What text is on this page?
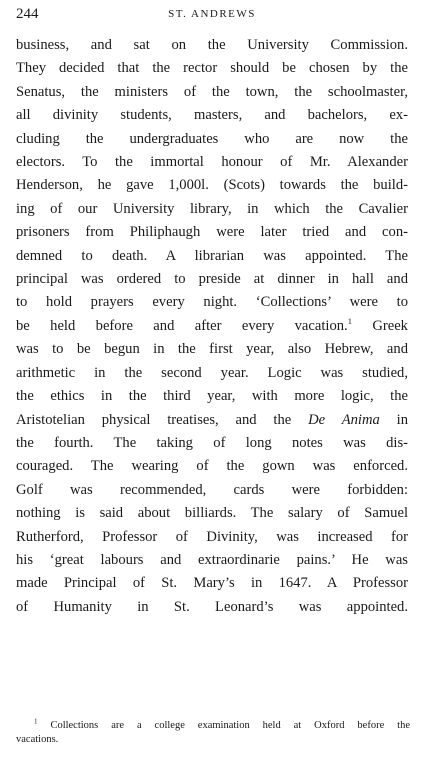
244	ST. ANDREWS
business, and sat on the University Commission.
They decided that the rector should be chosen by the
Senatus, the ministers of the town, the schoolmaster,
all divinity students, masters, and bachelors, ex-
cluding the undergraduates who are now the
electors. To the immortal honour of Mr. Alexander
Henderson, he gave 1,000l. (Scots) towards the build-
ing of our University library, in which the Cavalier
prisoners from Philiphaugh were later tried and con-
demned to death. A librarian was appointed. The
principal was ordered to preside at dinner in hall and
to hold prayers every night. ‘Collections’ were to
be held before and after every vacation.$^1$ Greek
was to be begun in the first year, also Hebrew, and
arithmetic in the second year. Logic was studied,
the ethics in the third year, with more logic, the
Aristotelian physical treatises, and the De Anima in
the fourth. The taking of long notes was dis-
couraged. The wearing of the gown was enforced.
Golf was recommended, cards were forbidden:
nothing is said about billiards. The salary of Samuel
Rutherford, Professor of Divinity, was increased for
his ‘great labours and extraordinarie pains.’ He was
made Principal of St. Mary’s in 1647. A Professor
of Humanity in St. Leonard’s was appointed.
$^1$ Collections are a college examination held at Oxford before the
vacations.
